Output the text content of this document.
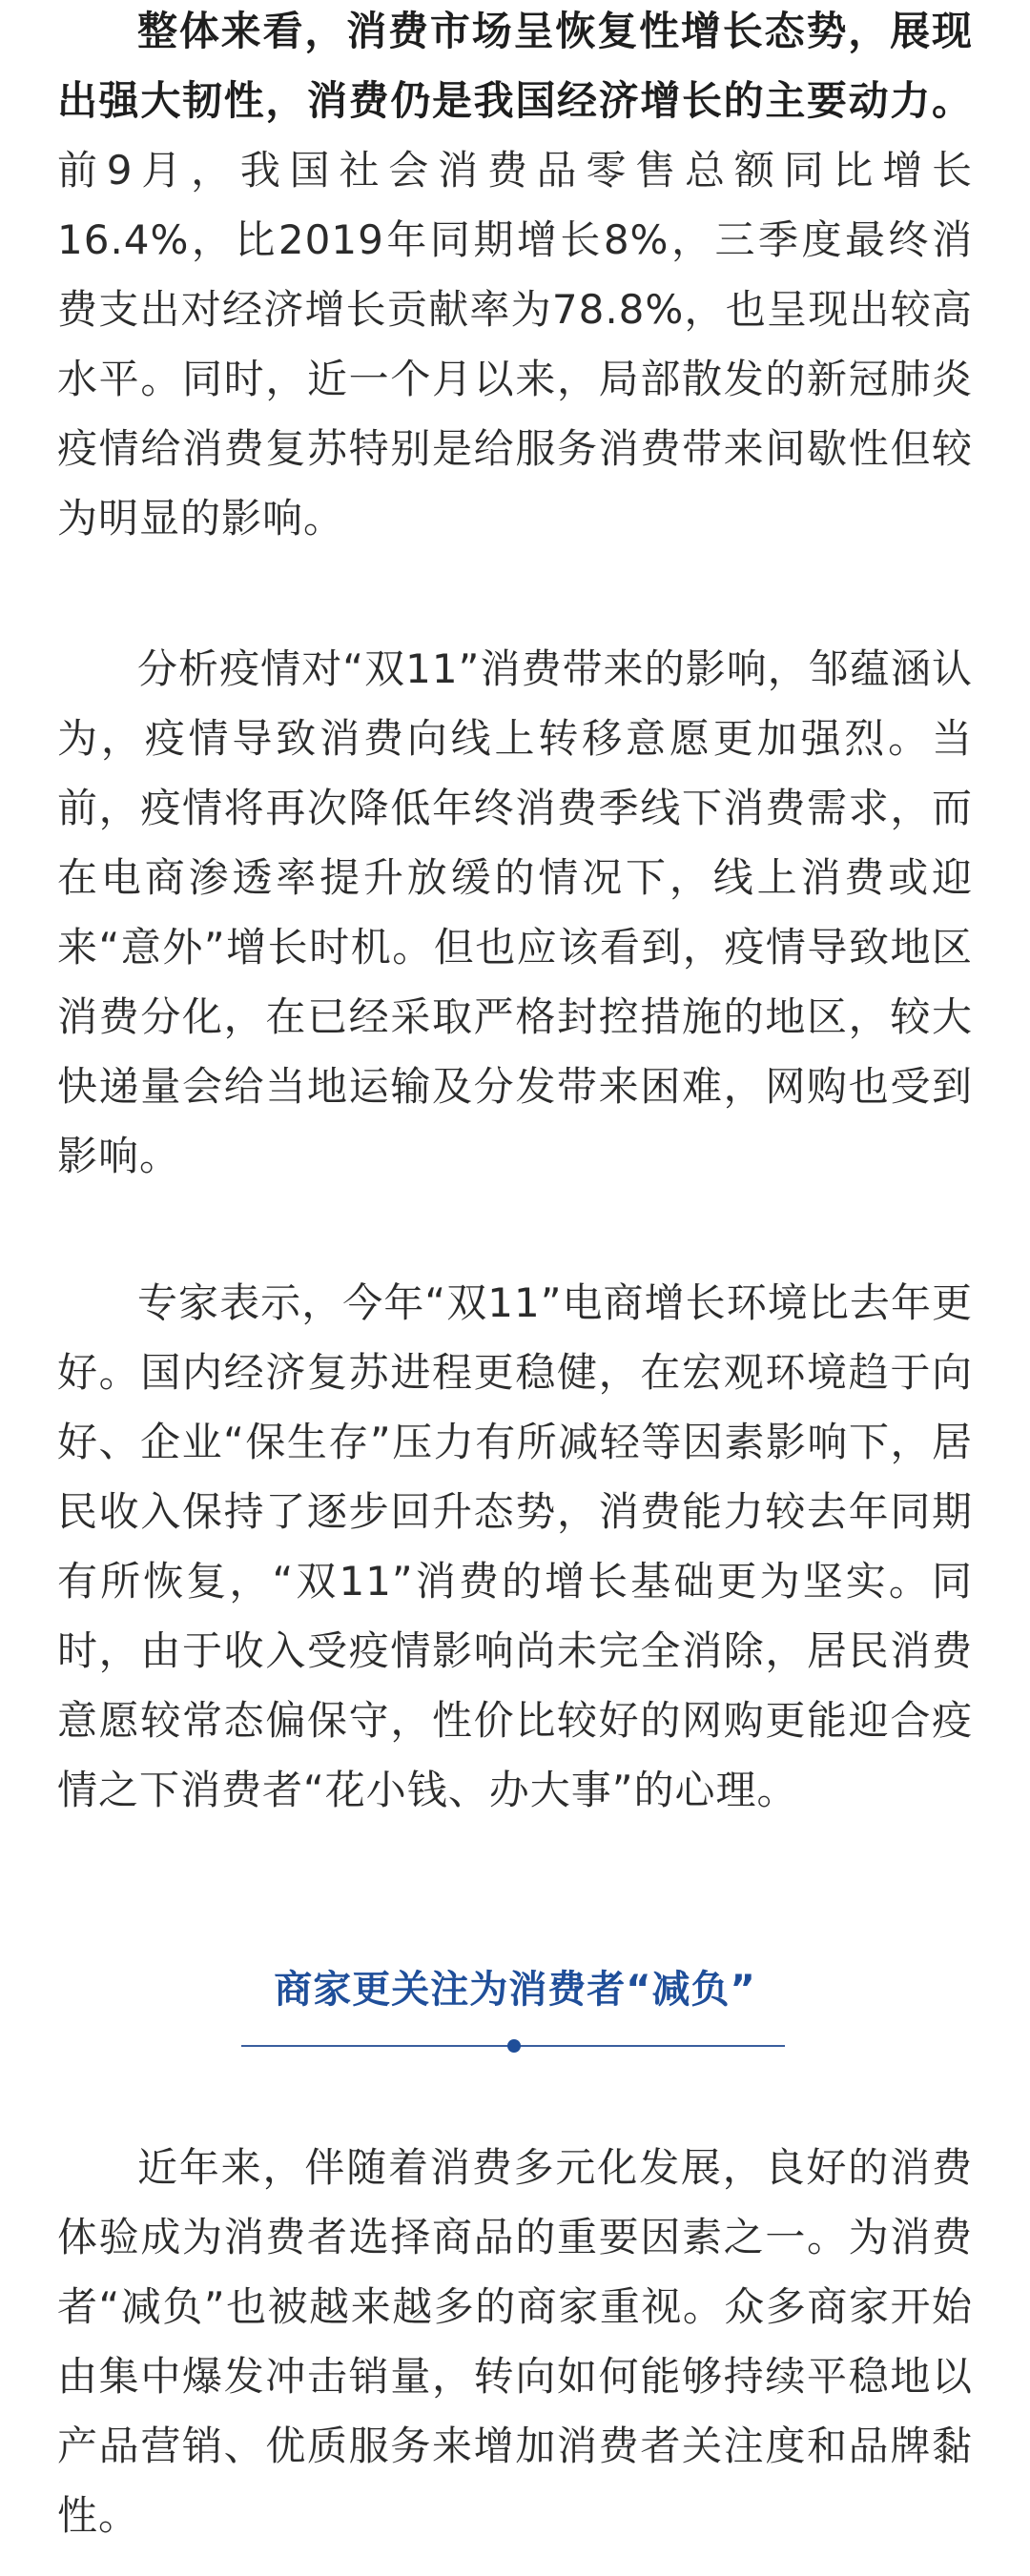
整体来看，消费市场呈恢复性增长态势，展现出强大韧性，消费仍是我国经济增长的主要动力。前9月，我国社会消费品零售总额同比增长16.4%，比2019年同期增长8%，三季度最终消费支出对经济增长贡献率为78.8%，也呈现出较高水平。同时，近一个月以来，局部散发的新冠肺炎疫情给消费复苏特别是给服务消费带来间歇性但较为明显的影响。

分析疫情对“双11”消费带来的影响，邹蕴涵认为，疫情导致消费向线上转移意愿更加强烈。当前，疫情将再次降低年终消费季线下消费需求，而在电商渗透率提升放缓的情况下，线上消费或迎来“意外”增长时机。但也应该看到，疫情导致地区消费分化，在已经采取严格封控措施的地区，较大快递量会给当地运输及分发带来困难，网购也受到影响。

专家表示，今年“双11”电商增长环境比去年更好。国内经济复苏进程更稳健，在宏观环境趋于向好、企业“保生存”压力有所减轻等因素影响下，居民收入保持了逐步回升态势，消费能力较去年同期有所恢复，“双11”消费的增长基础更为坚实。同时，由于收入受疫情影响尚未完全消除，居民消费意愿较常态偏保守，性价比较好的网购更能迎合疫情之下消费者“花小钱、办大事”的心理。

近年来，伴随着消费多元化发展，良好的消费体验成为消费者选择商品的重要因素之一。为消费者“减负”也被越来越多的商家重视。众多商家开始由集中爆发冲击销量，转向如何能够持续平稳地以产品营销、优质服务来增加消费者关注度和品牌黏性。

商家更关注为消费者“减负”
